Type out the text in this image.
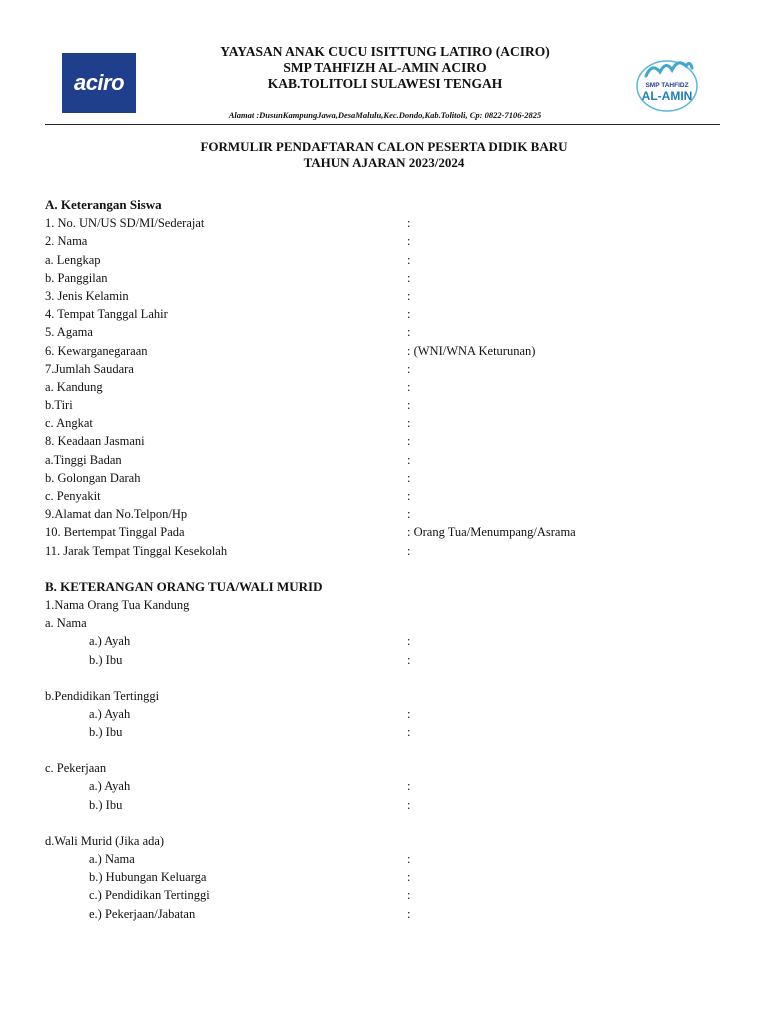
aciro
YAYASAN ANAK CUCU ISITTUNG LATIRO (ACIRO)
SMP TAHFIZH AL-AMIN ACIRO
KAB.TOLITOLI SULAWESI TENGAH
Alamat :DusunKampungJawa,DesaMalulu,Kec.Dondo,Kab.Tolitoli, Cp: 0822-7106-2825
SMP TAHFIDZ
AL-AMIN
FORMULIR PENDAFTARAN CALON PESERTA DIDIK BARU
TAHUN AJARAN 2023/2024
A. Keterangan Siswa
1. No. UN/US SD/MI/Sederajat	:
2. Nama	:
a. Lengkap	:
b. Panggilan	:
3. Jenis Kelamin	:
4. Tempat Tanggal Lahir	:
5. Agama	:
6. Kewarganegaraan	: (WNI/WNA Keturunan)
7.Jumlah Saudara	:
a. Kandung	:
b.Tiri	:
c. Angkat	:
8. Keadaan Jasmani	:
a.Tinggi Badan	:
b. Golongan Darah	:
c. Penyakit	:
9.Alamat dan No.Telpon/Hp	:
10. Bertempat Tinggal Pada	: Orang Tua/Menumpang/Asrama
11. Jarak Tempat Tinggal Kesekolah	:
B. KETERANGAN ORANG TUA/WALI MURID
1.Nama Orang Tua Kandung
a. Nama
a.) Ayah	:
b.) Ibu	:
b.Pendidikan Tertinggi
a.) Ayah	:
b.) Ibu	:
c. Pekerjaan
a.) Ayah	:
b.) Ibu	:
d.Wali Murid (Jika ada)
a.) Nama	:
b.) Hubungan Keluarga	:
c.) Pendidikan Tertinggi	:
e.) Pekerjaan/Jabatan	:
